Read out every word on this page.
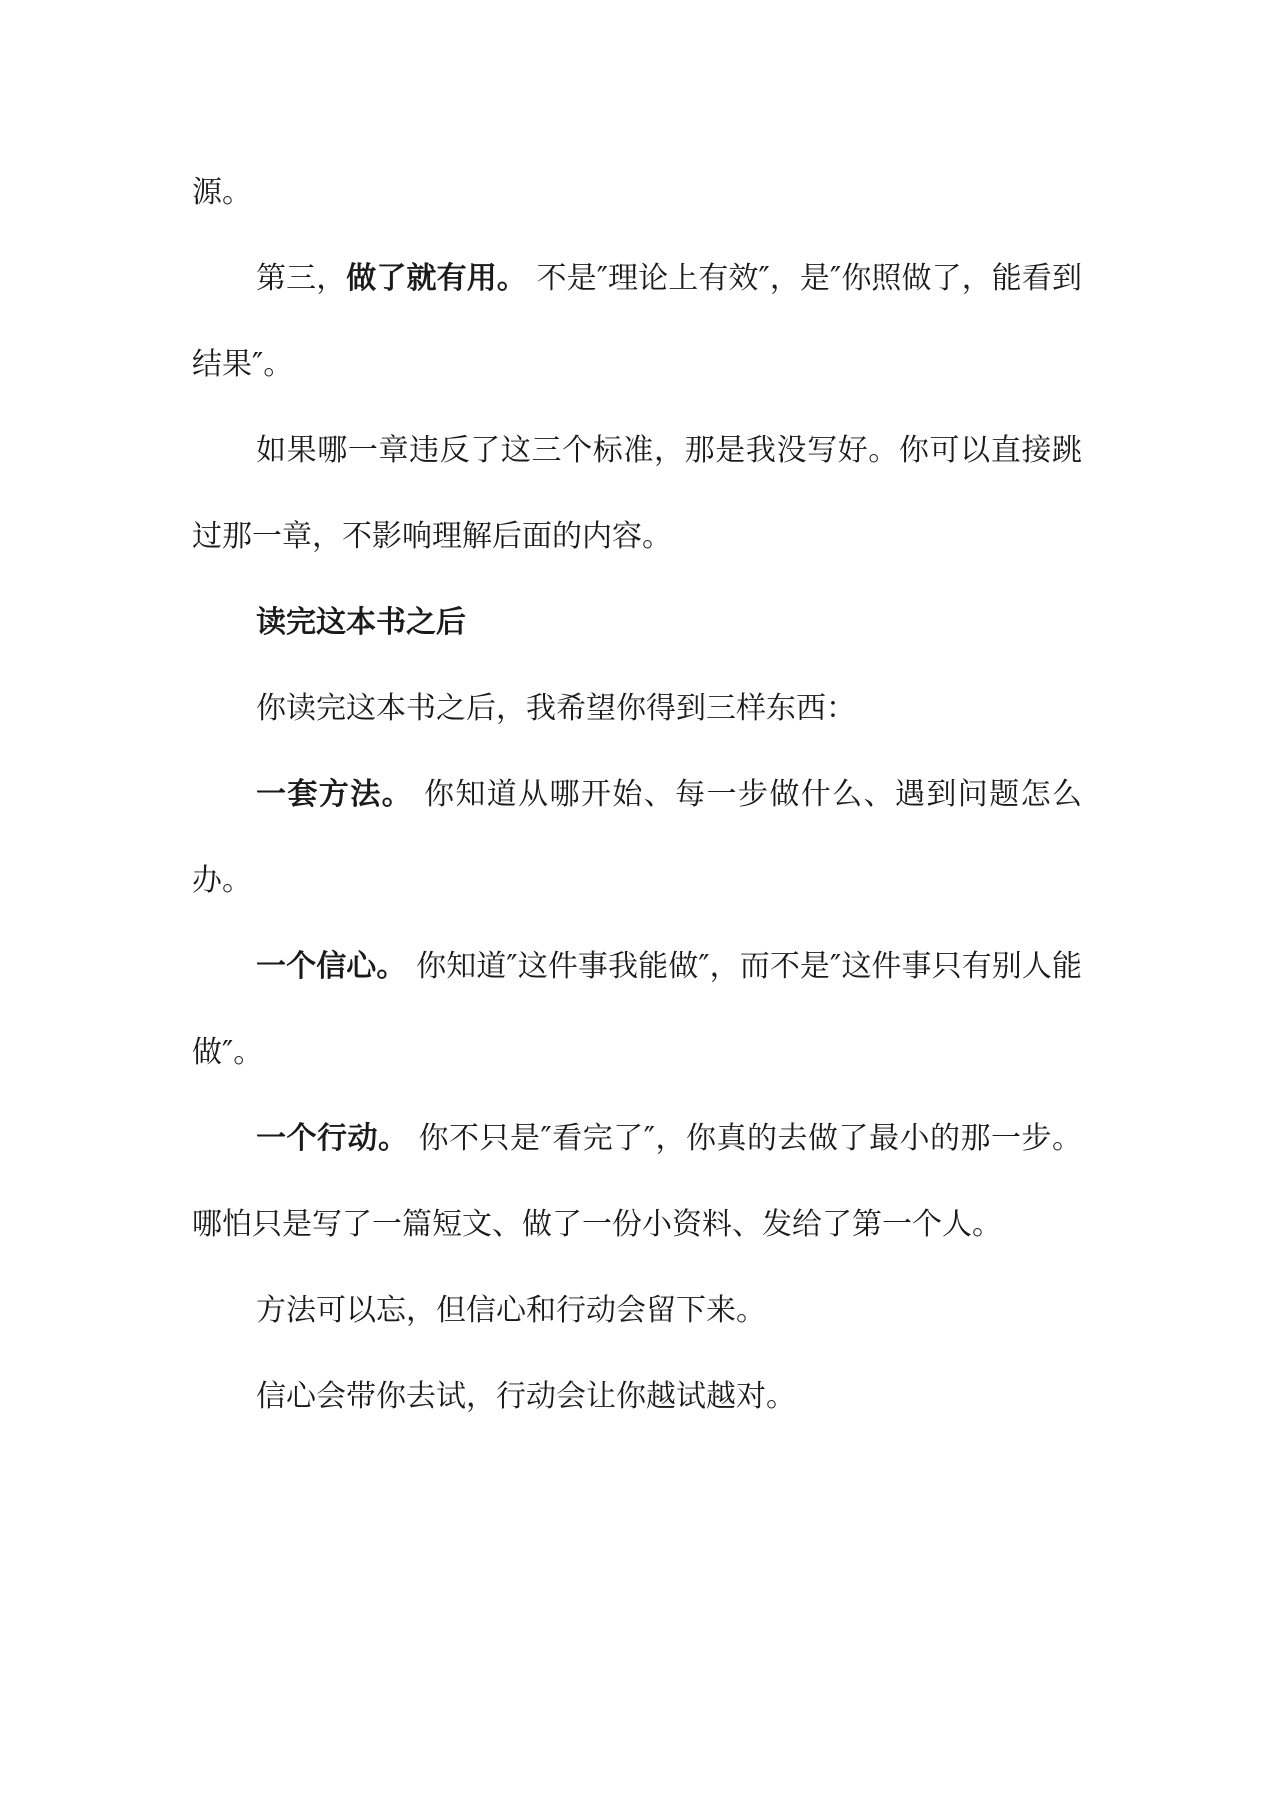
源。

第三，做了就有用。 不是″理论上有效″，是″你照做了，能看到结果″。

如果哪一章违反了这三个标准，那是我没写好。你可以直接跳过那一章，不影响理解后面的内容。

读完这本书之后

你读完这本书之后，我希望你得到三样东西：

一套方法。 你知道从哪开始、每一步做什么、遇到问题怎么办。

一个信心。 你知道″这件事我能做″，而不是″这件事只有别人能做″。

一个行动。 你不只是″看完了″，你真的去做了最小的那一步。哪怕只是写了一篇短文、做了一份小资料、发给了第一个人。

方法可以忘，但信心和行动会留下来。

信心会带你去试，行动会让你越试越对。
